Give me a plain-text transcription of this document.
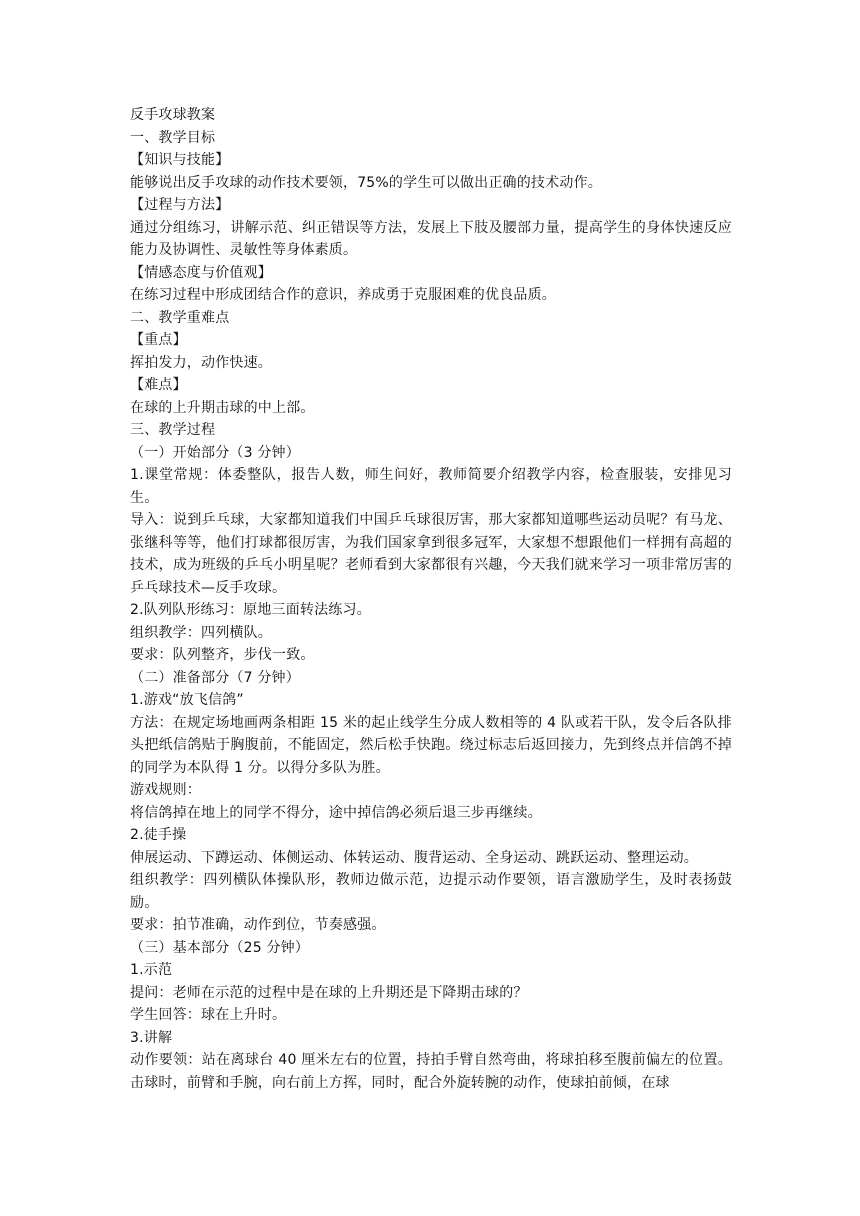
反手攻球教案

一、教学目标

【知识与技能】

能够说出反手攻球的动作技术要领，75%的学生可以做出正确的技术动作。

【过程与方法】

通过分组练习，讲解示范、纠正错误等方法，发展上下肢及腰部力量，提高学生的身体快速反应能力及协调性、灵敏性等身体素质。

【情感态度与价值观】

在练习过程中形成团结合作的意识，养成勇于克服困难的优良品质。

二、教学重难点

【重点】

挥拍发力，动作快速。

【难点】

在球的上升期击球的中上部。

三、教学过程

（一）开始部分（3 分钟）

1.课堂常规：体委整队，报告人数，师生问好，教师简要介绍教学内容，检查服装，安排见习生。

导入：说到乒乓球，大家都知道我们中国乒乓球很厉害，那大家都知道哪些运动员呢？有马龙、张继科等等，他们打球都很厉害，为我们国家拿到很多冠军，大家想不想跟他们一样拥有高超的技术，成为班级的乒乓小明星呢？老师看到大家都很有兴趣，今天我们就来学习一项非常厉害的乒乓球技术—反手攻球。

2.队列队形练习：原地三面转法练习。

组织教学：四列横队。

要求：队列整齐，步伐一致。

（二）准备部分（7 分钟）

1.游戏“放飞信鸽”

方法：在规定场地画两条相距 15 米的起止线学生分成人数相等的 4 队或若干队，发令后各队排头把纸信鸽贴于胸腹前，不能固定，然后松手快跑。绕过标志后返回接力，先到终点并信鸽不掉的同学为本队得 1 分。以得分多队为胜。

游戏规则：

将信鸽掉在地上的同学不得分，途中掉信鸽必须后退三步再继续。

2.徒手操

伸展运动、下蹲运动、体侧运动、体转运动、腹背运动、全身运动、跳跃运动、整理运动。

组织教学：四列横队体操队形，教师边做示范，边提示动作要领，语言激励学生，及时表扬鼓励。

要求：拍节准确，动作到位，节奏感强。

（三）基本部分（25 分钟）

1.示范

提问：老师在示范的过程中是在球的上升期还是下降期击球的？

学生回答：球在上升时。

3.讲解

动作要领：站在离球台 40 厘米左右的位置，持拍手臂自然弯曲，将球拍移至腹前偏左的位置。击球时，前臂和手腕，向右前上方挥，同时，配合外旋转腕的动作，使球拍前倾，在球
